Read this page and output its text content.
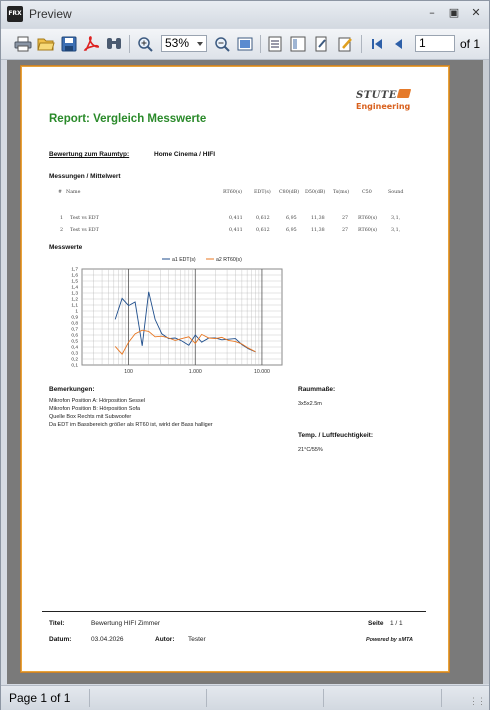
FRX Preview	–	▣	✕
53%	1	of 1
STUTE
Engineering
Report: Vergleich Messwerte
Bewertung zum Raumtyp:	Home Cinema / HIFI
Messungen / Mittelwert
# Name	RT60(s) EDT(s) C80(dB) D50(dB) Ts(ms)	C50	Sound
1 Test vs EDT	0,411	0,612	6,95	11,38	27 RT60(s)	3,1,
2 Test vs EDT	0,411	0,612	6,95	11,38	27 RT60(s)	3,1,
Messwerte
1,7
1,6
1,5
1,4
1,3
1,2
1,1
1
0,9
0,8
0,7
0,6
0,5
0,4
0,3
0,2
0,1
100	1.000	10.000
a1 EDT(s)	a2 RT60(s)
Bemerkungen:
Mikrofon Position A: Hörposition Sessel
Mikrofon Position B: Hörposition Sofa
Quelle Box Rechts mit Subwoofer
Da EDT im Bassbereich größer als RT60 ist, wirkt der Bass halliger
Raummaße:
3x5x2.5m
Temp. / Luftfeuchtigkeit:
21°C/55%
Titel:	Bewertung HIFI Zimmer	Seite 1 / 1
Datum:	03.04.2026	Autor: Tester	Powered by sMTA
Page 1 of 1	⋮⋮
